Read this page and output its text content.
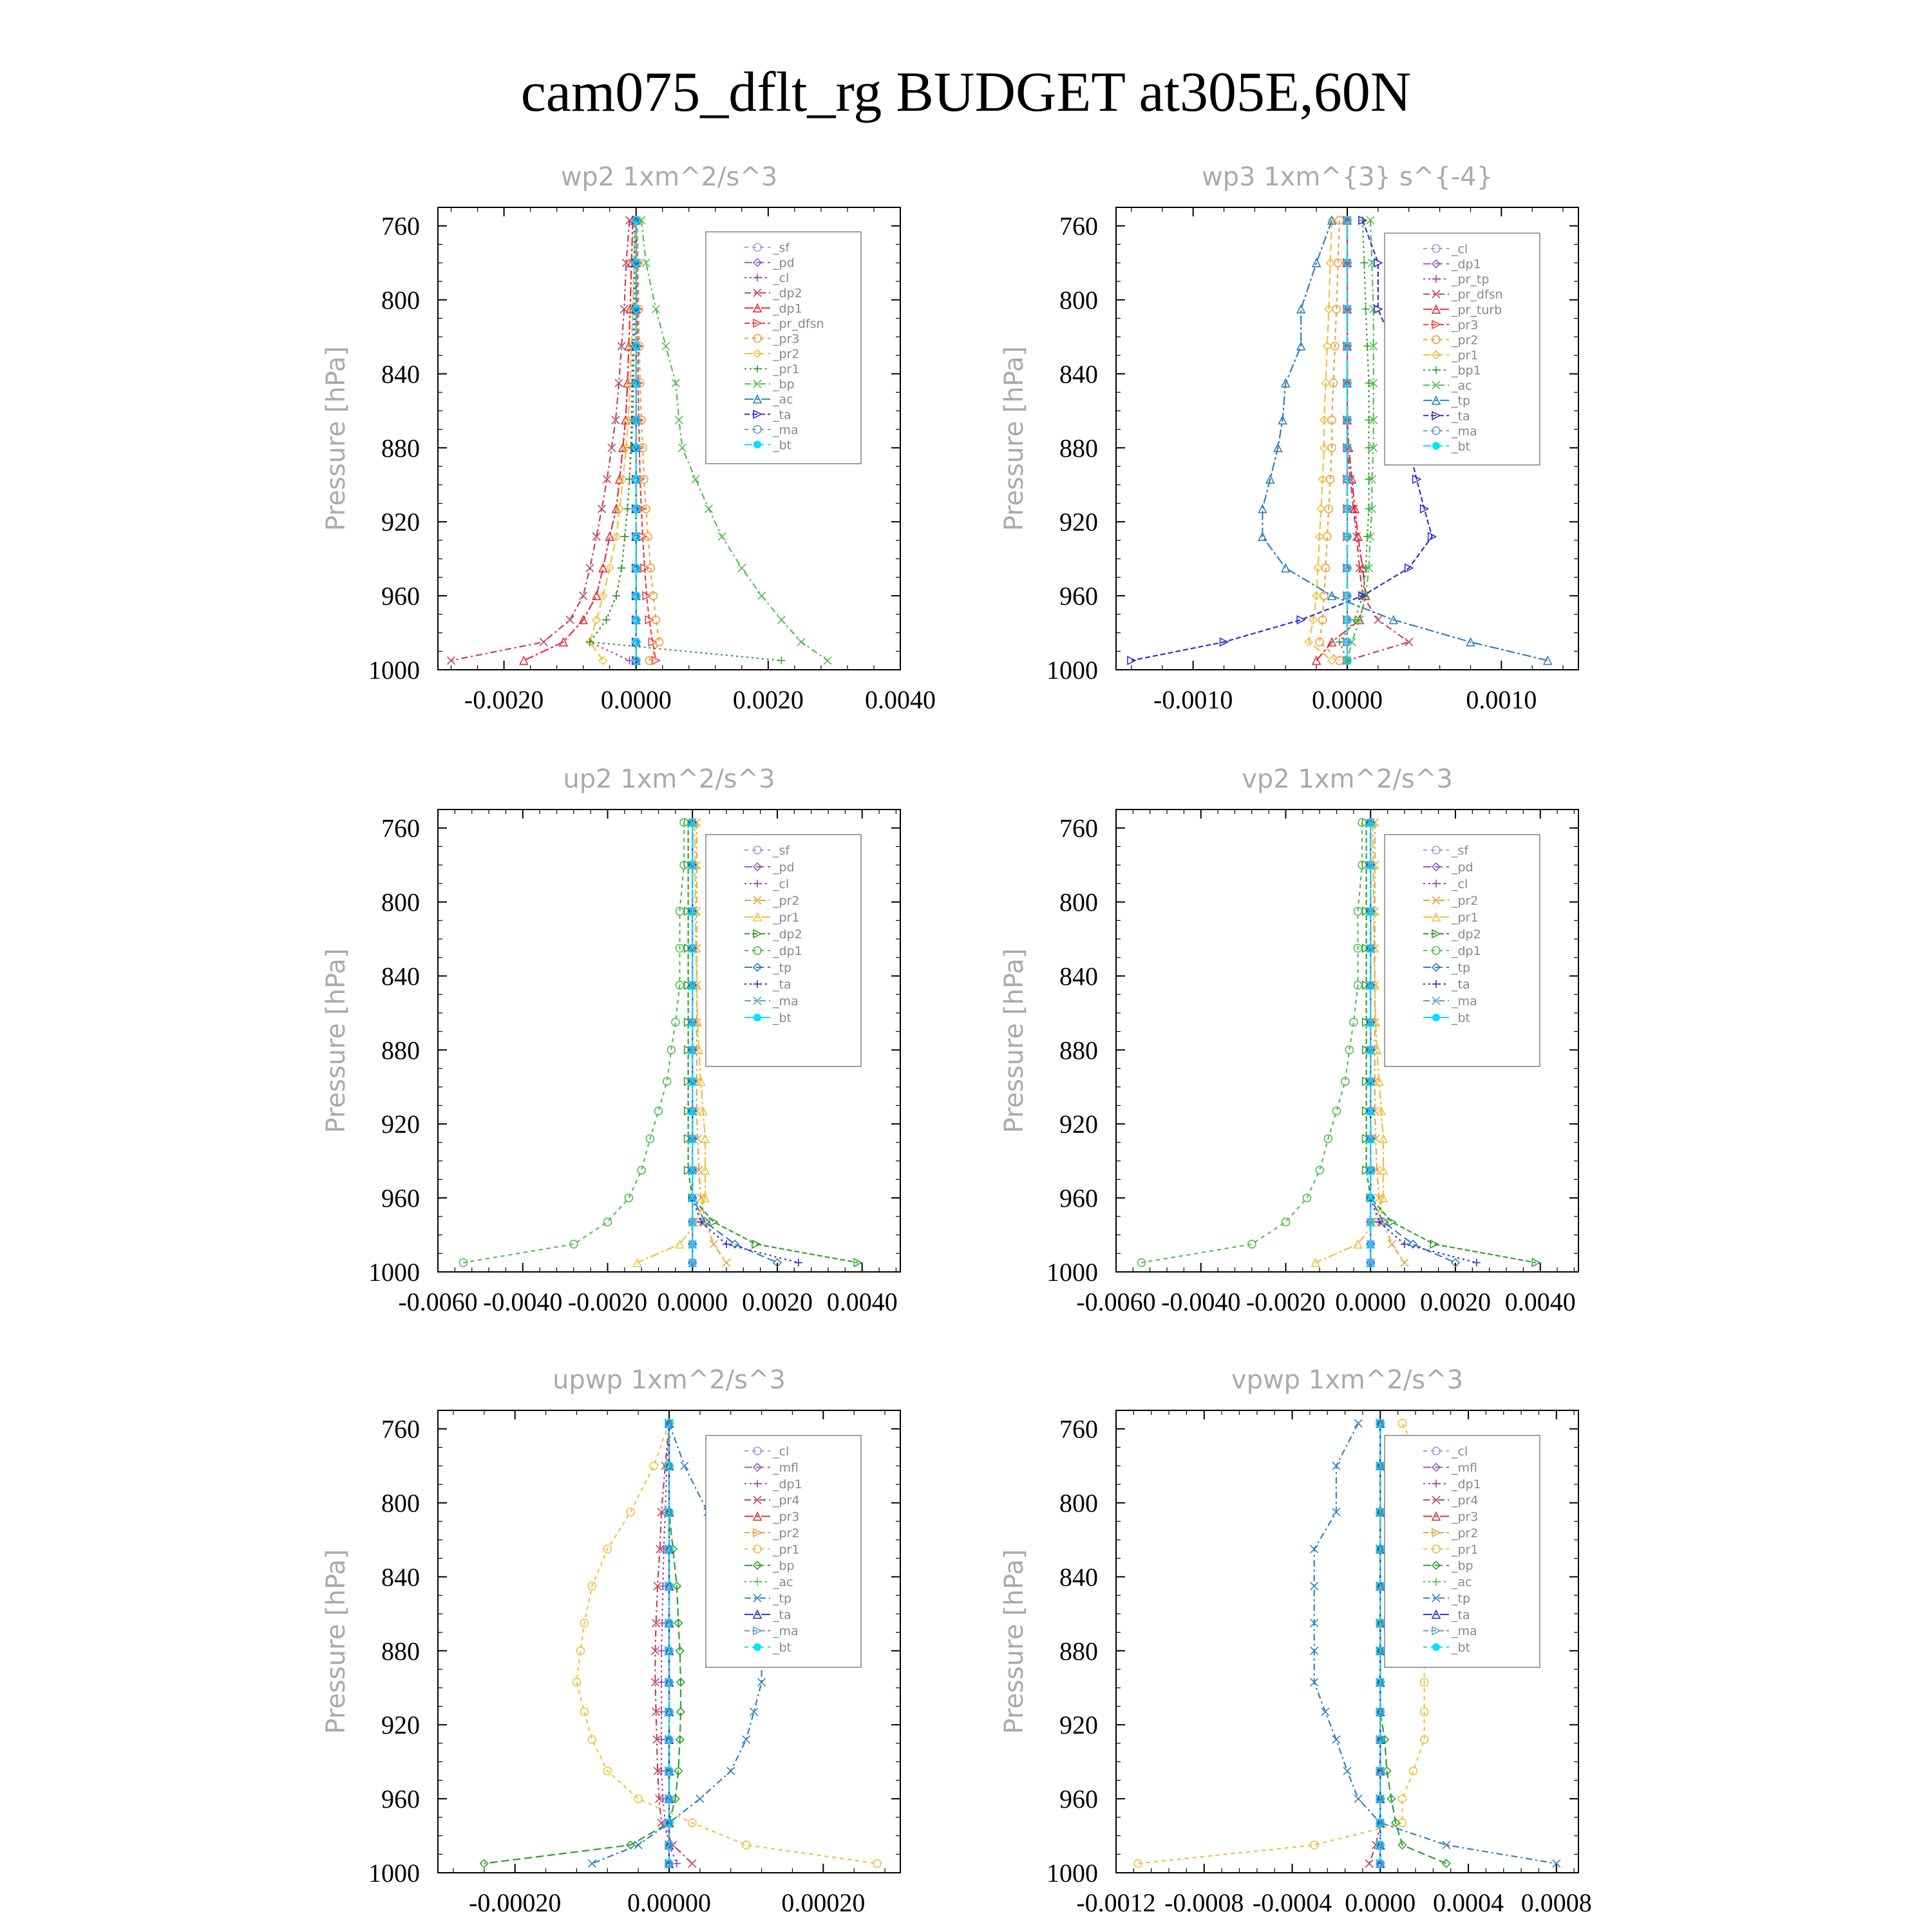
cam075_dflt_rg BUDGET at305E,60N
wp2 1xm^2/s^3
Pressure [hPa]
760
800
840
880
920
960
1000
-0.0020 0.0000 0.0020 0.0040
_sf
_pd
_cl
_dp2
_dp1
_pr_dfsn
_pr3
_pr2
_pr1
_bp
_ac
_ta
_ma
_bt
wp3 1xm^{3} s^{-4}
Pressure [hPa]
760
800
840
880
920
960
1000
-0.0010	0.0000	0.0010
_cl
_dp1
_pr_tp
_pr_dfsn
_pr_turb
_pr3
_pr2
_pr1
_bp1
_ac
_tp
_ta
_ma
_bt
up2 1xm^2/s^3
Pressure [hPa]
760
800
840
880
920
960
1000
-0.0060 -0.0040 -0.0020 0.0000 0.0020 0.0040
_sf
_pd
_cl
_pr2
_pr1
_dp2
_dp1
_tp
_ta
_ma
_bt
vp2 1xm^2/s^3
Pressure [hPa]
760
800
840
880
920
960
1000
-0.0060 -0.0040 -0.0020 0.0000 0.0020 0.0040
_sf
_pd
_cl
_pr2
_pr1
_dp2
_dp1
_tp
_ta
_ma
_bt
upwp 1xm^2/s^3
Pressure [hPa]
760
800
840
880
920
960
1000
-0.00020	0.00000	0.00020
_cl
_mfl
_dp1
_pr4
_pr3
_pr2
_pr1
_bp
_ac
_tp
_ta
_ma
_bt
vpwp 1xm^2/s^3
Pressure [hPa]
760
800
840
880
920
960
1000
-0.0012 -0.0008 -0.0004 0.0000 0.0004 0.0008
_cl
_mfl
_dp1
_pr4
_pr3
_pr2
_pr1
_bp
_ac
_tp
_ta
_ma
_bt
